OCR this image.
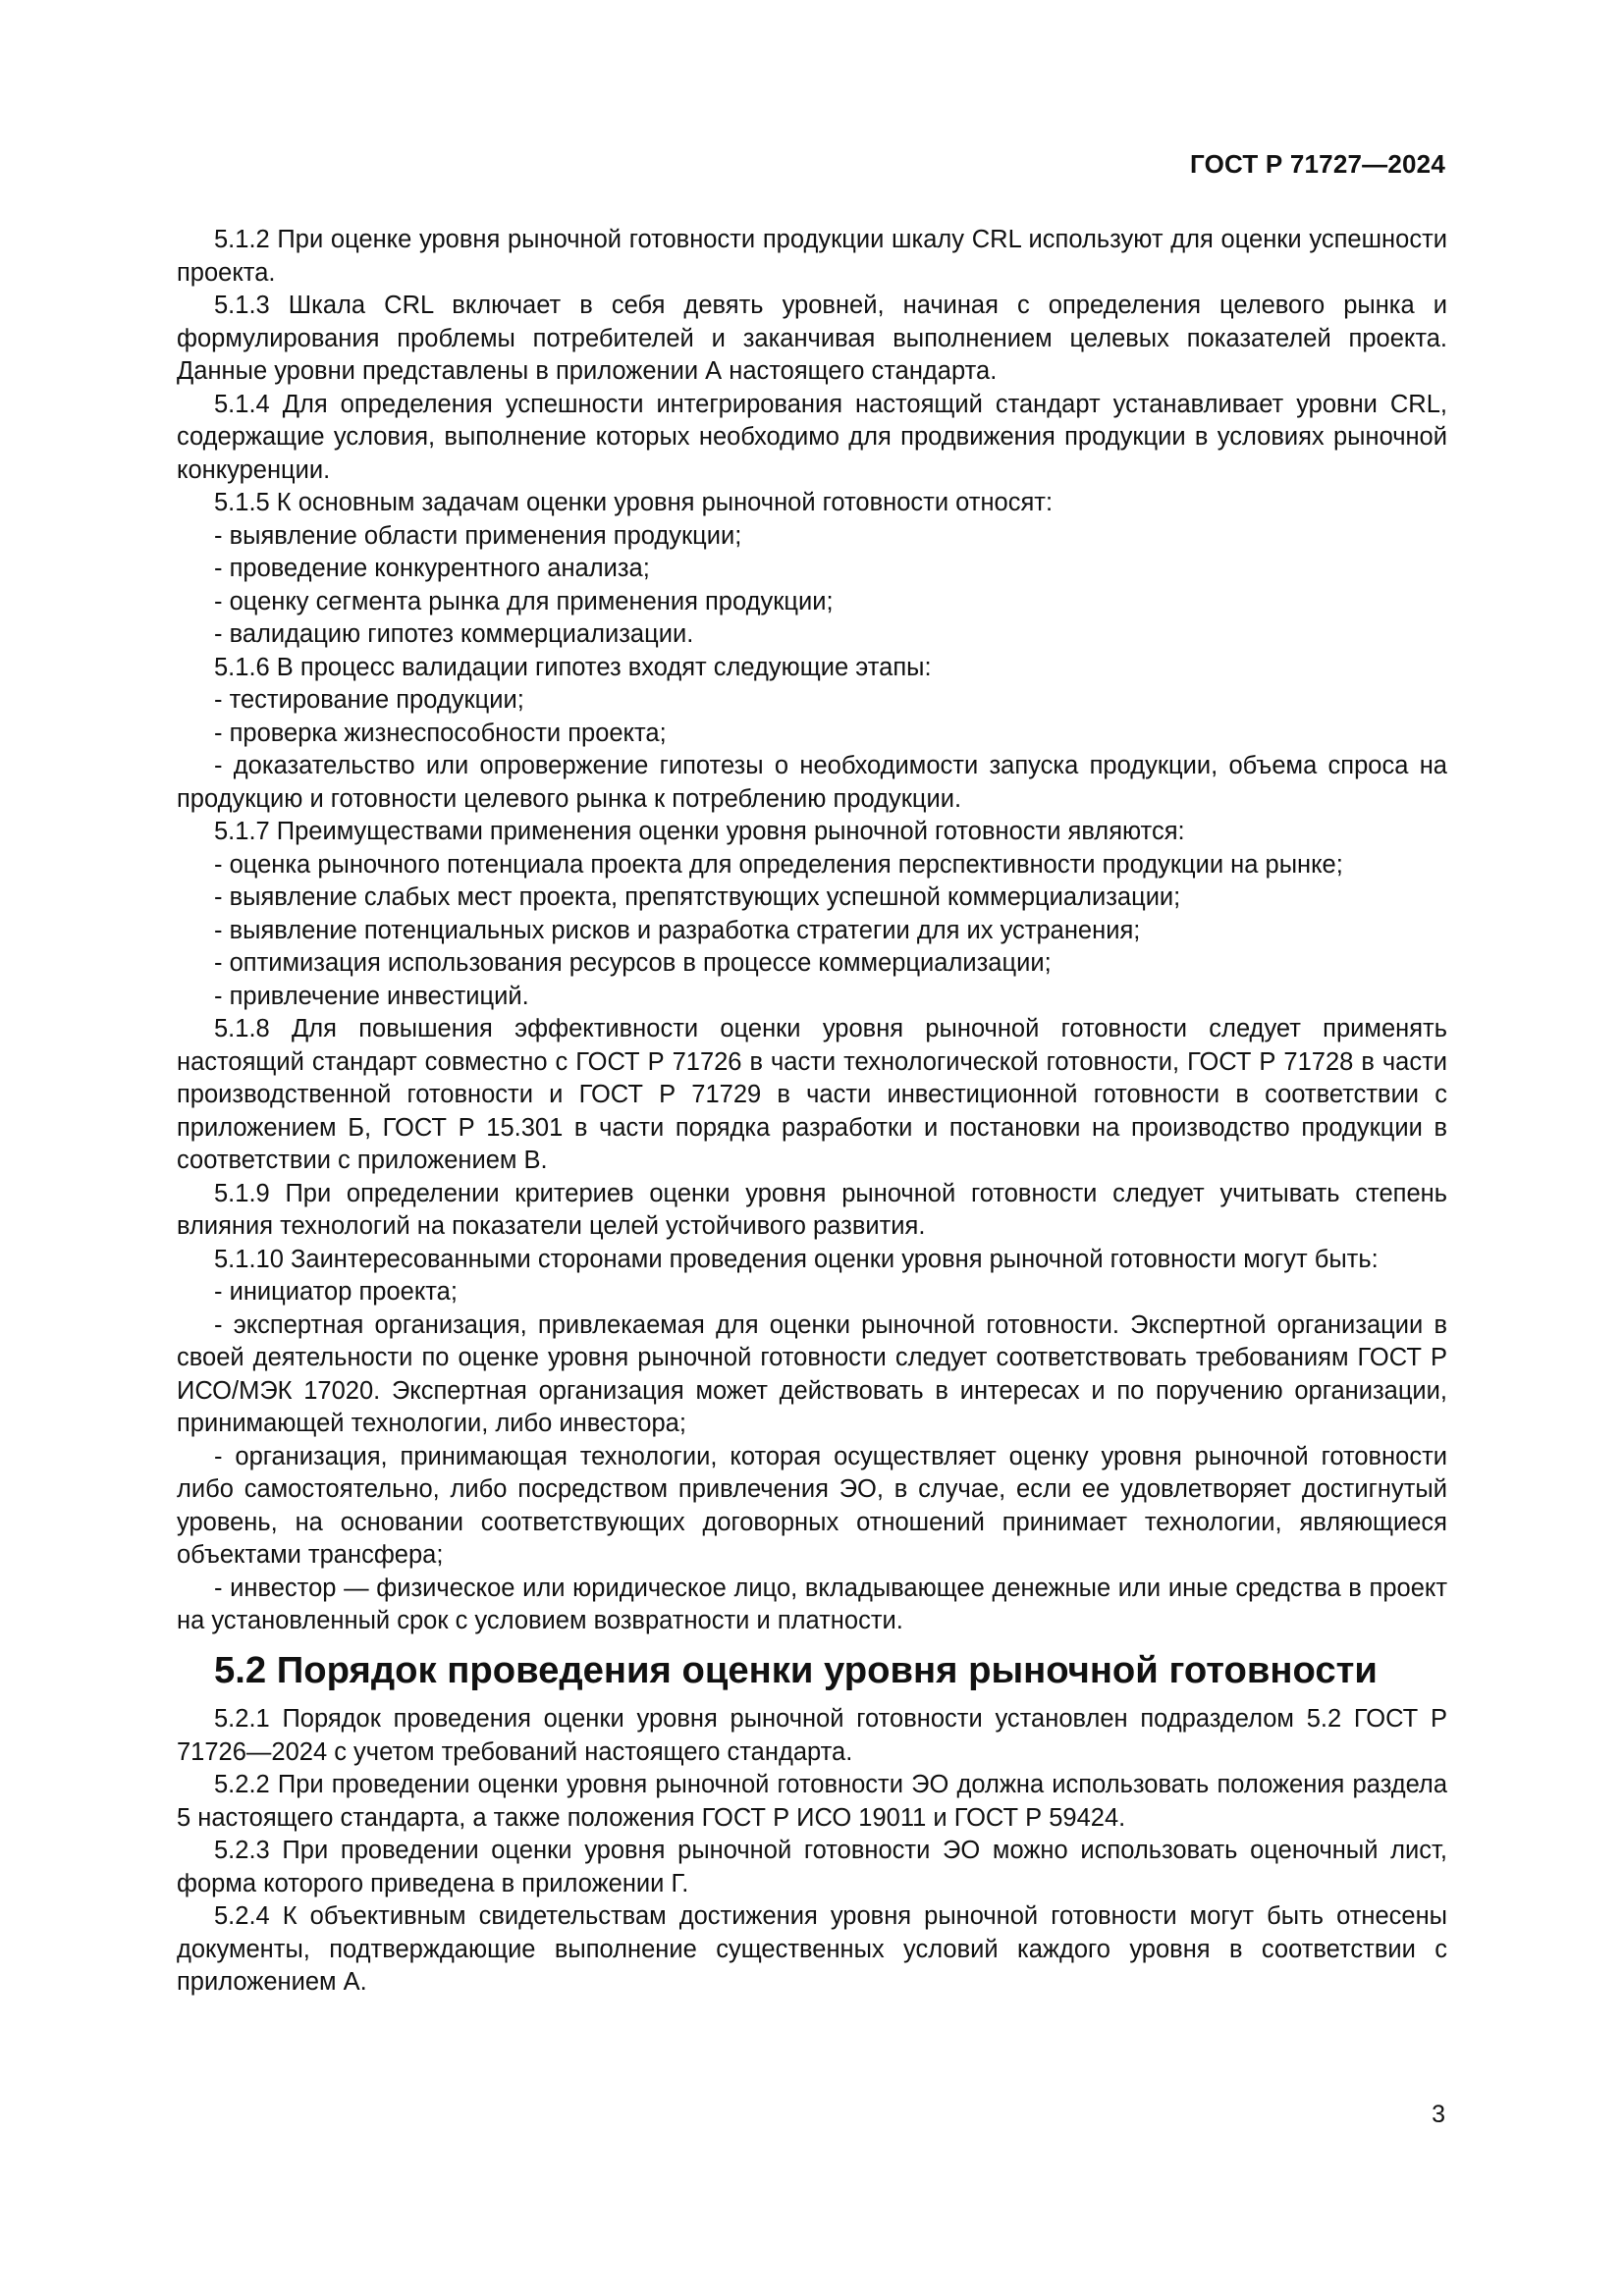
ГОСТ Р 71727—2024

5.1.2 При оценке уровня рыночной готовности продукции шкалу CRL используют для оценки успешности проекта.

5.1.3 Шкала CRL включает в себя девять уровней, начиная с определения целевого рынка и формулирования проблемы потребителей и заканчивая выполнением целевых показателей проекта. Данные уровни представлены в приложении А настоящего стандарта.

5.1.4 Для определения успешности интегрирования настоящий стандарт устанавливает уровни CRL, содержащие условия, выполнение которых необходимо для продвижения продукции в условиях рыночной конкуренции.

5.1.5 К основным задачам оценки уровня рыночной готовности относят:

- выявление области применения продукции;

- проведение конкурентного анализа;

- оценку сегмента рынка для применения продукции;

- валидацию гипотез коммерциализации.

5.1.6 В процесс валидации гипотез входят следующие этапы:

- тестирование продукции;

- проверка жизнеспособности проекта;

- доказательство или опровержение гипотезы о необходимости запуска продукции, объема спроса на продукцию и готовности целевого рынка к потреблению продукции.

5.1.7 Преимуществами применения оценки уровня рыночной готовности являются:

- оценка рыночного потенциала проекта для определения перспективности продукции на рынке;

- выявление слабых мест проекта, препятствующих успешной коммерциализации;

- выявление потенциальных рисков и разработка стратегии для их устранения;

- оптимизация использования ресурсов в процессе коммерциализации;

- привлечение инвестиций.

5.1.8 Для повышения эффективности оценки уровня рыночной готовности следует применять настоящий стандарт совместно с ГОСТ Р 71726 в части технологической готовности, ГОСТ Р 71728 в части производственной готовности и ГОСТ Р 71729 в части инвестиционной готовности в соответствии с приложением Б, ГОСТ Р 15.301 в части порядка разработки и постановки на производство продукции в соответствии с приложением В.

5.1.9 При определении критериев оценки уровня рыночной готовности следует учитывать степень влияния технологий на показатели целей устойчивого развития.

5.1.10 Заинтересованными сторонами проведения оценки уровня рыночной готовности могут быть:

- инициатор проекта;

- экспертная организация, привлекаемая для оценки рыночной готовности. Экспертной организации в своей деятельности по оценке уровня рыночной готовности следует соответствовать требованиям ГОСТ Р ИСО/МЭК 17020. Экспертная организация может действовать в интересах и по поручению организации, принимающей технологии, либо инвестора;

- организация, принимающая технологии, которая осуществляет оценку уровня рыночной готовности либо самостоятельно, либо посредством привлечения ЭО, в случае, если ее удовлетворяет достигнутый уровень, на основании соответствующих договорных отношений принимает технологии, являющиеся объектами трансфера;

- инвестор — физическое или юридическое лицо, вкладывающее денежные или иные средства в проект на установленный срок с условием возвратности и платности.

5.2 Порядок проведения оценки уровня рыночной готовности

5.2.1 Порядок проведения оценки уровня рыночной готовности установлен подразделом 5.2 ГОСТ Р 71726—2024 с учетом требований настоящего стандарта.

5.2.2 При проведении оценки уровня рыночной готовности ЭО должна использовать положения раздела 5 настоящего стандарта, а также положения ГОСТ Р ИСО 19011 и ГОСТ Р 59424.

5.2.3 При проведении оценки уровня рыночной готовности ЭО можно использовать оценочный лист, форма которого приведена в приложении Г.

5.2.4 К объективным свидетельствам достижения уровня рыночной готовности могут быть отнесены документы, подтверждающие выполнение существенных условий каждого уровня в соответствии с приложением А.

3
